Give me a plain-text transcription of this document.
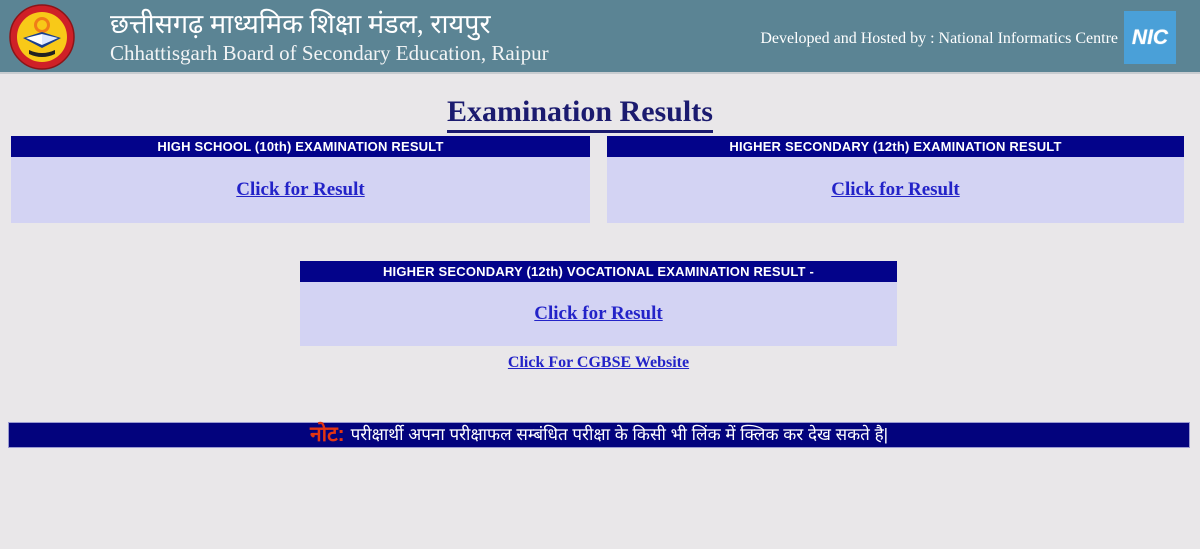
छत्तीसगढ़ माध्यमिक शिक्षा मंडल, रायपुर
Chhattisgarh Board of Secondary Education, Raipur
Developed and Hosted by : National Informatics Centre NIC
Examination Results
HIGH SCHOOL (10th) EXAMINATION RESULT
Click for Result
HIGHER SECONDARY (12th) EXAMINATION RESULT
Click for Result
HIGHER SECONDARY (12th) VOCATIONAL EXAMINATION RESULT -
Click for Result
Click For CGBSE Website
नोट: परीक्षार्थी अपना परीक्षाफल सम्बंधित परीक्षा के किसी भी लिंक में क्लिक कर देख सकते है|
